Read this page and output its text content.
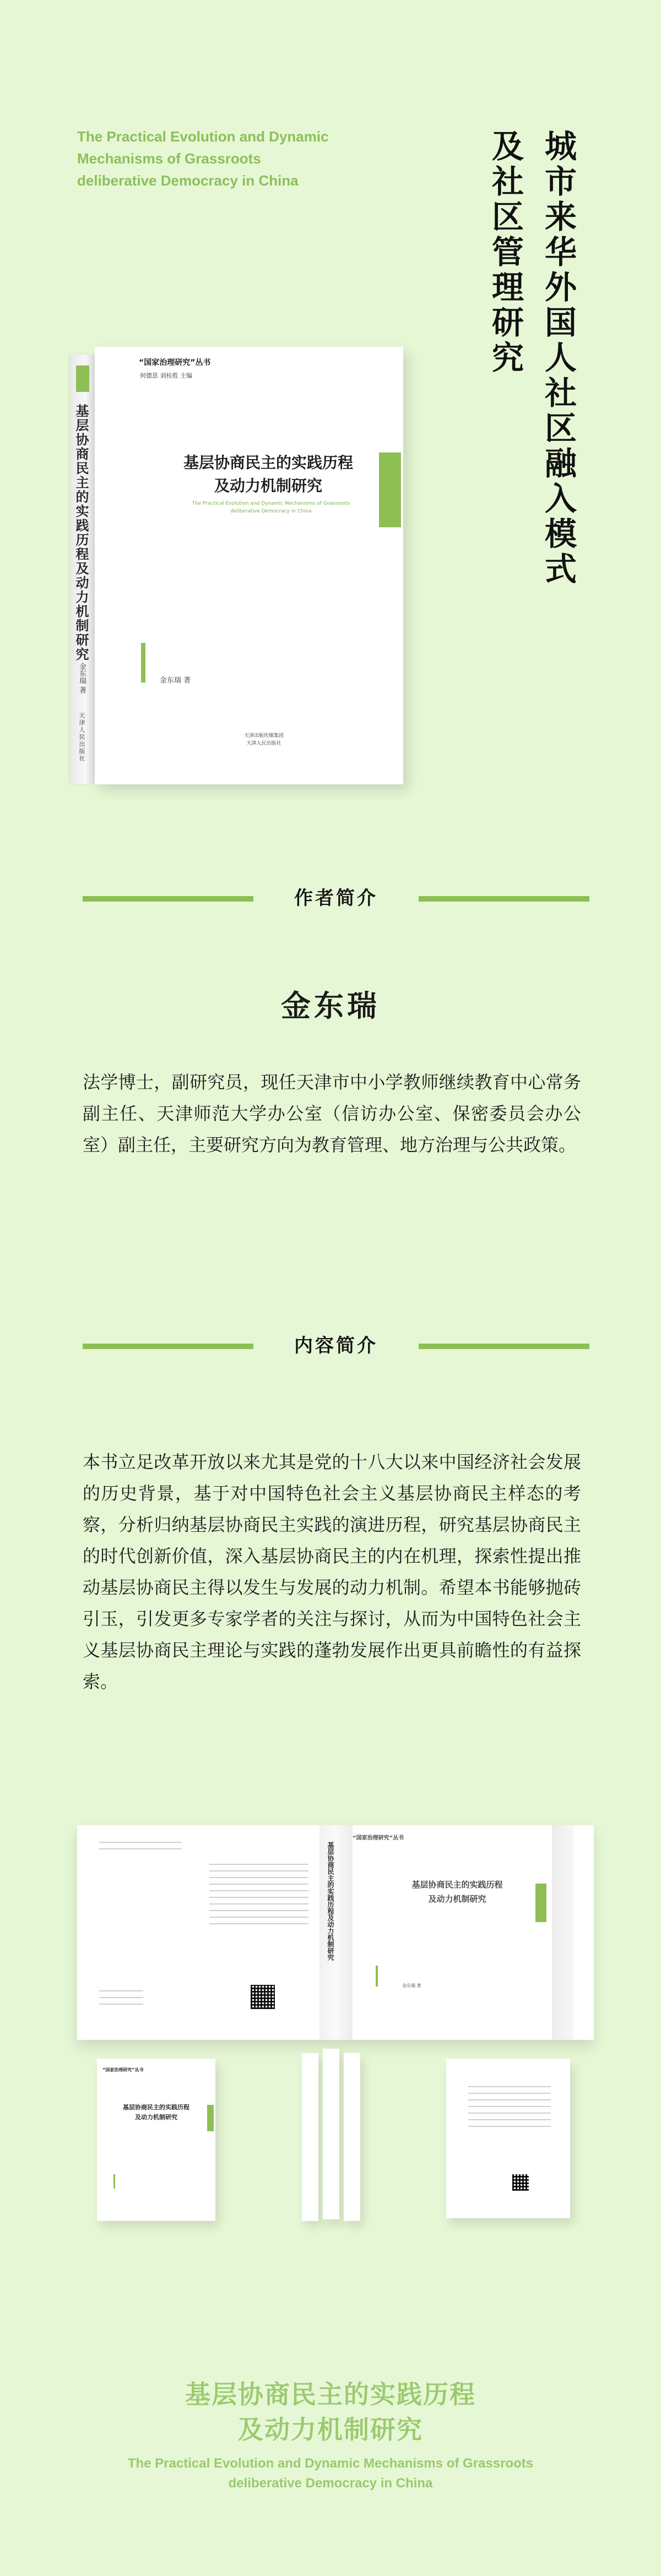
The Practical Evolution and Dynamic
Mechanisms of Grassroots
deliberative Democracy in China	城市来华外国人社区融入模式
及社区管理研究
基层协商民主的实践历程及动力机制研究
金东瑞 著
天津人民出版社
“国家治理研究”丛书
何德思 刘桂胜 主编
基层协商民主的实践历程
及动力机制研究
The Practical Evolution and Dynamic Mechanisms of Grassroots
deliberative Democracy in China
金东瑞 著
天津出版传媒集团
天津人民出版社
作者简介
金东瑞
法学博士，副研究员，现任天津市中小学教师继续教育中心常务副主任、天津师范大学办公室（信访办公室、保密委员会办公室）副主任，主要研究方向为教育管理、地方治理与公共政策。
内容简介
本书立足改革开放以来尤其是党的十八大以来中国经济社会发展的历史背景，基于对中国特色社会主义基层协商民主样态的考察，分析归纳基层协商民主实践的演进历程，研究基层协商民主的时代创新价值，深入基层协商民主的内在机理，探索性提出推动基层协商民主得以发生与发展的动力机制。希望本书能够抛砖引玉，引发更多专家学者的关注与探讨，从而为中国特色社会主义基层协商民主理论与实践的蓬勃发展作出更具前瞻性的有益探索。
基层协商民主的实践历程及动力机制研究
“国家治理研究”丛书
基层协商民主的实践历程
及动力机制研究
金东瑞 著
“国家治理研究”丛书
基层协商民主的实践历程
及动力机制研究
基层协商民主的实践历程
及动力机制研究
The Practical Evolution and Dynamic Mechanisms of Grassroots
deliberative Democracy in China
